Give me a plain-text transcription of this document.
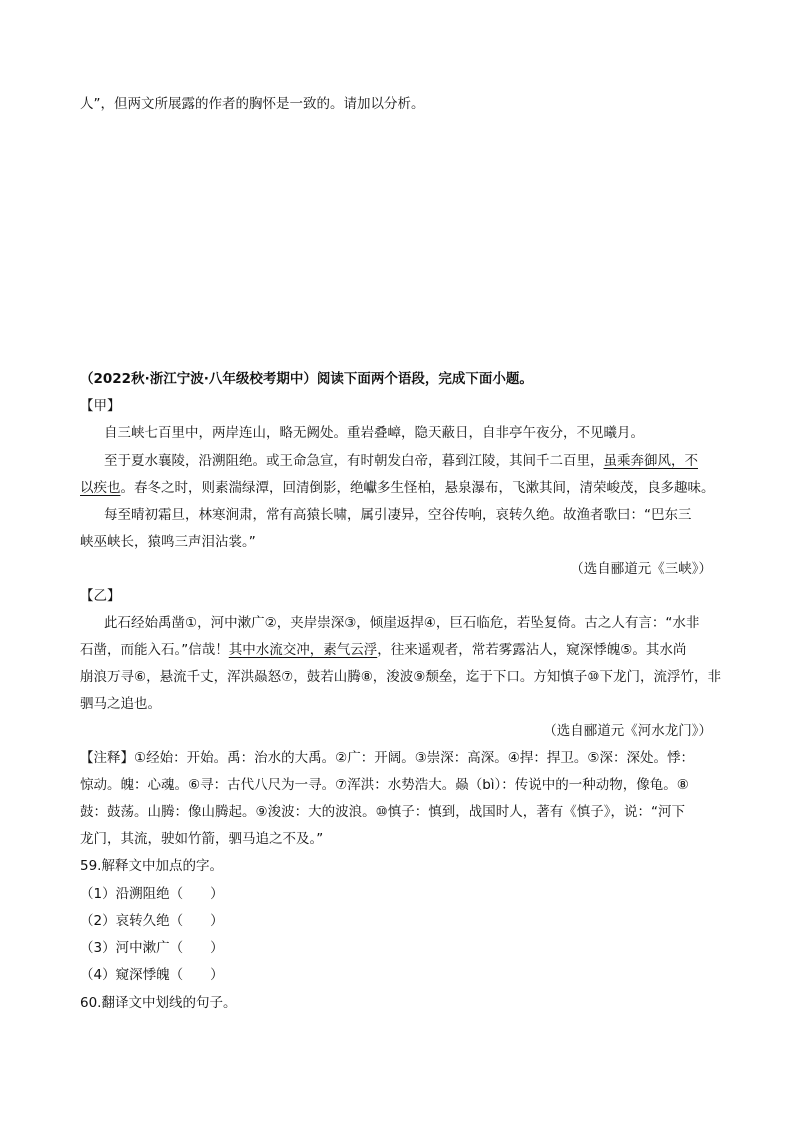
人”，但两文所展露的作者的胸怀是一致的。请加以分析。
（2022秋·浙江宁波·八年级校考期中）阅读下面两个语段，完成下面小题。
【甲】
自三峡七百里中，两岸连山，略无阙处。重岩叠嶂，隐天蔽日，自非亭午夜分，不见曦月。
至于夏水襄陵，沿溯阻绝。或王命急宣，有时朝发白帝，暮到江陵，其间千二百里，虽乘奔御风，不
以疾也。春冬之时，则素湍绿潭，回清倒影，绝巘多生怪柏，悬泉瀑布，飞漱其间，清荣峻茂，良多趣味。
每至晴初霜旦，林寒涧肃，常有高猿长啸，属引凄异，空谷传响，哀转久绝。故渔者歌曰：“巴东三
峡巫峡长，猿鸣三声泪沾裳。”
（选自郦道元《三峡》）
【乙】
此石经始禹凿①，河中漱广②，夹岸崇深③，倾崖返捍④，巨石临危，若坠复倚。古之人有言：“水非
石凿，而能入石。”信哉！其中水流交冲，素气云浮，往来遥观者，常若雾露沾人，窥深悸魄⑤。其水尚
崩浪万寻⑥，悬流千丈，浑洪赑怒⑦，鼓若山腾⑧，浚波⑨颓垒，迄于下口。方知慎子⑩下龙门，流浮竹，非
驷马之追也。
（选自郦道元《河水龙门》）
【注释】①经始：开始。禹：治水的大禹。②广：开阔。③崇深：高深。④捍：捍卫。⑤深：深处。悸：
惊动。魄：心魂。⑥寻：古代八尺为一寻。⑦浑洪：水势浩大。赑（bì）：传说中的一种动物，像龟。⑧
鼓：鼓荡。山腾：像山腾起。⑨浚波：大的波浪。⑩慎子：慎到，战国时人，著有《慎子》，说：“河下
龙门，其流，驶如竹箭，驷马追之不及。”
59.解释文中加点的字。
（1）沿溯阻绝（　　）
（2）哀转久绝（　　）
（3）河中漱广（　　）
（4）窥深悸魄（　　）
60.翻译文中划线的句子。
